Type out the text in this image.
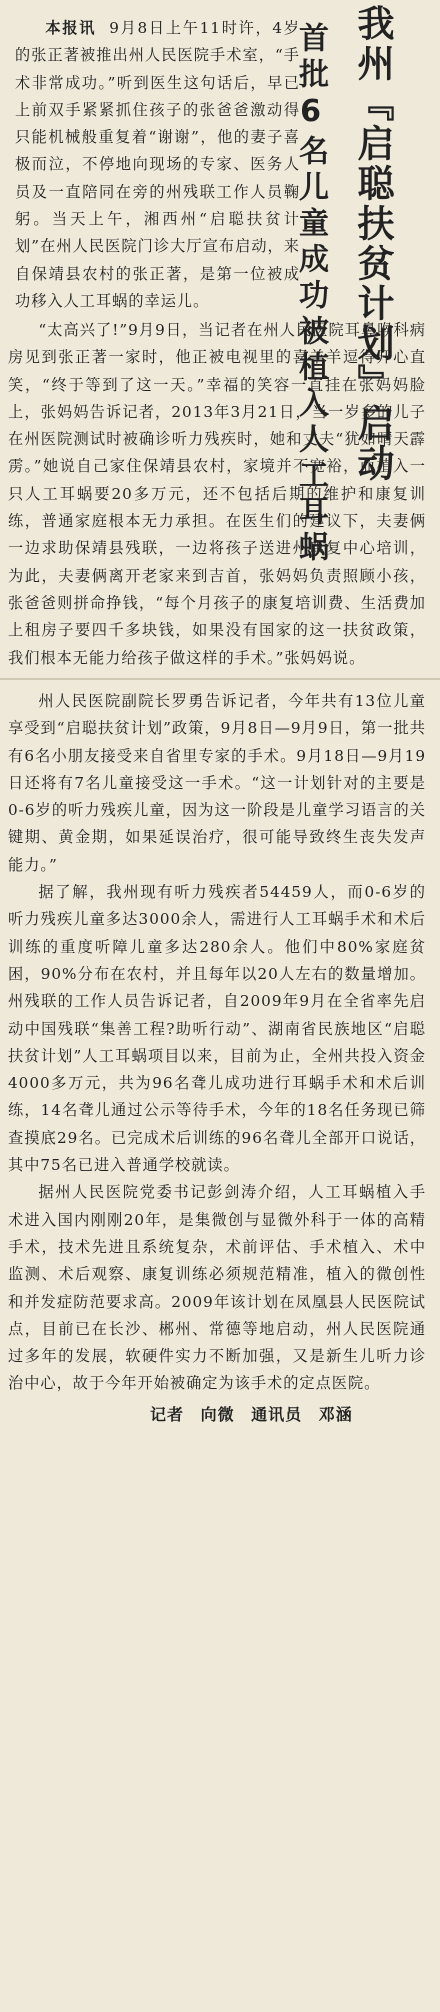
我州『启聪扶贫计划』启动
首批6名儿童成功被植入人工耳蜗

本报讯 9月8日上午11时许，4岁的张正著被推出州人民医院手术室，“手术非常成功。”听到医生这句话后，早已上前双手紧紧抓住孩子的张爸爸激动得只能机械般重复着“谢谢”，他的妻子喜极而泣，不停地向现场的专家、医务人员及一直陪同在旁的州残联工作人员鞠躬。当天上午，湘西州“启聪扶贫计划”在州人民医院门诊大厅宣布启动，来自保靖县农村的张正著，是第一位被成功移入人工耳蜗的幸运儿。

“太高兴了!”9月9日，当记者在州人民医院耳鼻喉科病房见到张正著一家时，他正被电视里的喜羊羊逗得开心直笑，“终于等到了这一天。”幸福的笑容一直挂在张妈妈脸上，张妈妈告诉记者，2013年3月21日，当一岁多的儿子在州医院测试时被确诊听力残疾时，她和丈夫“犹如晴天霹雳。”她说自己家住保靖县农村，家境并不宽裕，而植入一只人工耳蜗要20多万元，还不包括后期的维护和康复训练，普通家庭根本无力承担。在医生们的建议下，夫妻俩一边求助保靖县残联，一边将孩子送进州康复中心培训，为此，夫妻俩离开老家来到吉首，张妈妈负责照顾小孩，张爸爸则拼命挣钱，“每个月孩子的康复培训费、生活费加上租房子要四千多块钱，如果没有国家的这一扶贫政策，我们根本无能力给孩子做这样的手术。”张妈妈说。

州人民医院副院长罗勇告诉记者，今年共有13位儿童享受到“启聪扶贫计划”政策，9月8日—9月9日，第一批共有6名小朋友接受来自省里专家的手术。9月18日—9月19日还将有7名儿童接受这一手术。“这一计划针对的主要是0-6岁的听力残疾儿童，因为这一阶段是儿童学习语言的关键期、黄金期，如果延误治疗，很可能导致终生丧失发声能力。”

据了解，我州现有听力残疾者54459人，而0-6岁的听力残疾儿童多达3000余人，需进行人工耳蜗手术和术后训练的重度听障儿童多达280余人。他们中80%家庭贫困，90%分布在农村，并且每年以20人左右的数量增加。州残联的工作人员告诉记者，自2009年9月在全省率先启动中国残联“集善工程?助听行动”、湖南省民族地区“启聪扶贫计划”人工耳蜗项目以来，目前为止，全州共投入资金4000多万元，共为96名聋儿成功进行耳蜗手术和术后训练，14名聋儿通过公示等待手术，今年的18名任务现已筛查摸底29名。已完成术后训练的96名聋儿全部开口说话，其中75名已进入普通学校就读。

据州人民医院党委书记彭剑涛介绍，人工耳蜗植入手术进入国内刚刚20年，是集微创与显微外科于一体的高精手术，技术先进且系统复杂，术前评估、手术植入、术中监测、术后观察、康复训练必须规范精准，植入的微创性和并发症防范要求高。2009年该计划在凤凰县人民医院试点，目前已在长沙、郴州、常德等地启动，州人民医院通过多年的发展，软硬件实力不断加强，又是新生儿听力诊治中心，故于今年开始被确定为该手术的定点医院。

记者 向微 通讯员 邓涵
